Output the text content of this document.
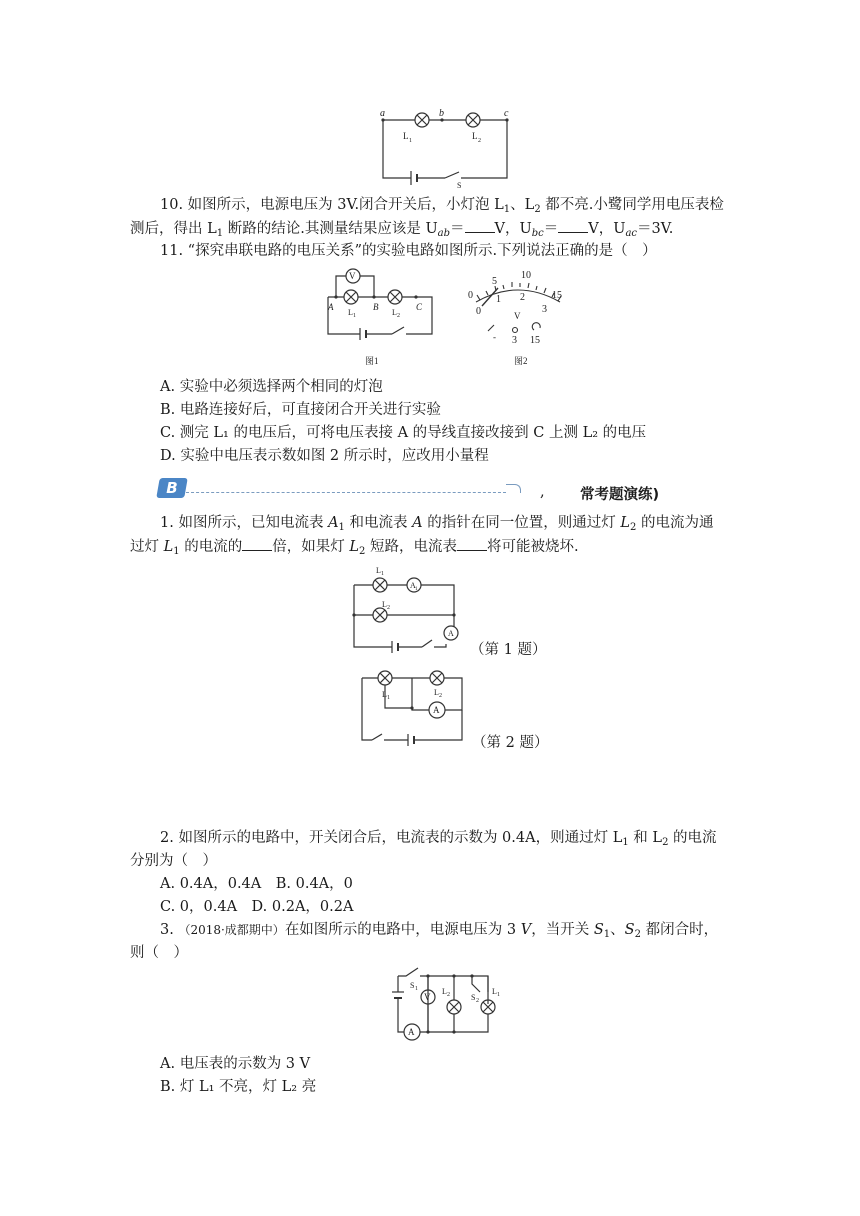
a	b	c
L 1	L 2
S
10. 如图所示，电源电压为 3V.闭合开关后，小灯泡 $L_1$、$L_2$ 都不亮.小鹭同学用电压表检
测后，得出 $L_1$ 断路的结论.其测量结果应该是 $U_{ab}= V$，$U_{bc}= V$，$U_{ac}=3V$.
11. “探究串联电路的电压关系”的实验电路如图所示.下列说法正确的是（　）
V
A	B	C
L 1	L 2
图1
0
5
10
15
0
1 2
3
V
- 3 15
图2
A. 实验中必须选择两个相同的灯泡
B. 电路连接好后，可直接闭合开关进行实验
C. 测完 L₁ 的电压后，可将电压表接 A 的导线直接改接到 C 上测 L₂ 的电压
D. 实验中电压表示数如图 2 所示时，应改用小量程
B	, 常考题演练)
1. 如图所示，已知电流表 $A_1$ 和电流表 A 的指针在同一位置，则通过灯 $L_2$ 的电流为通
过灯 $L_1$ 的电流的 倍，如果灯 $L_2$ 短路，电流表 将可能被烧坏.
L 1
A 1
L 2
A
（第 1 题）
L 1
L 2
A
（第 2 题）
2. 如图所示的电路中，开关闭合后，电流表的示数为 0.4A，则通过灯 $L_1$ 和 $L_2$ 的电流
分别为（　）
A. 0.4A，0.4A　B. 0.4A，0
C. 0，0.4A　D. 0.2A，0.2A
3. （2018·成都期中）在如图所示的电路中，电源电压为 3 V，当开关 $S_1$、$S_2$ 都闭合时，
则（　）
S 1
V
L 2	S 2
L 1
A
A. 电压表的示数为 3 V
B. 灯 L₁ 不亮，灯 L₂ 亮
